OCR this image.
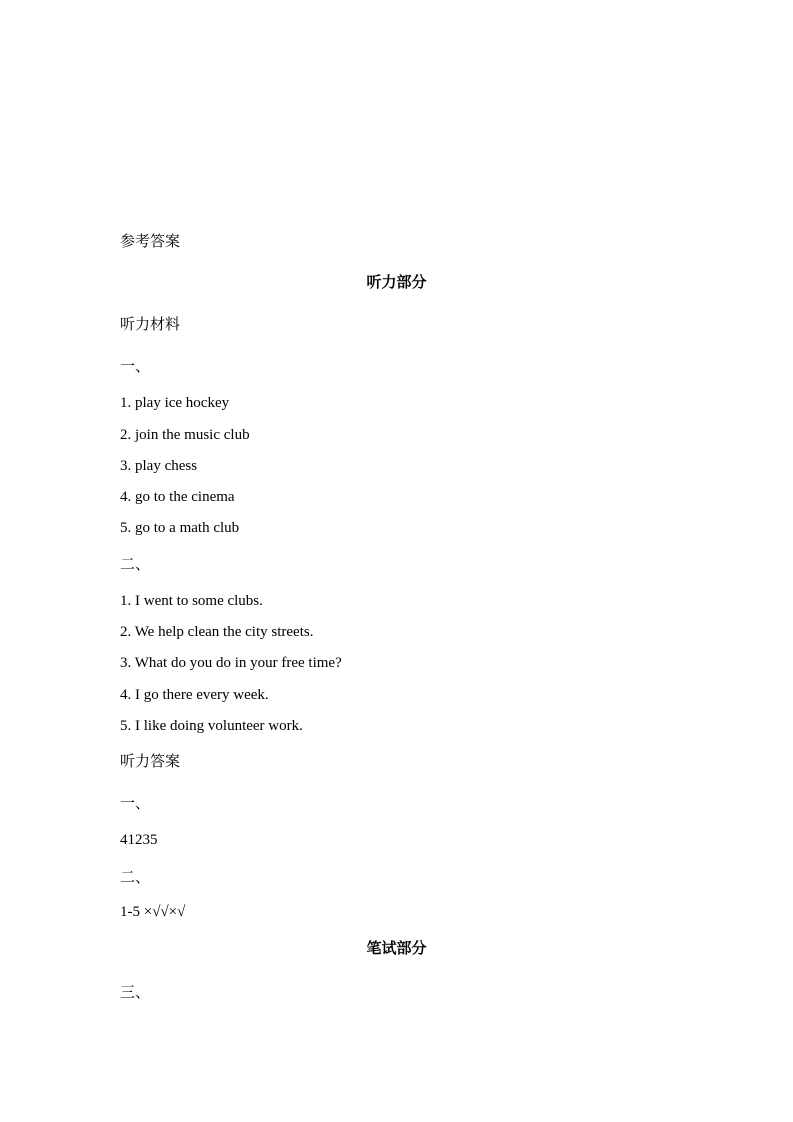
参考答案
听力部分
听力材料
一、
1. play ice hockey
2. join the music club
3. play chess
4. go to the cinema
5. go to a math club
二、
1. I went to some clubs.
2. We help clean the city streets.
3. What do you do in your free time?
4. I go there every week.
5. I like doing volunteer work.
听力答案
一、
41235
二、
1-5 ×√√×√
笔试部分
三、
